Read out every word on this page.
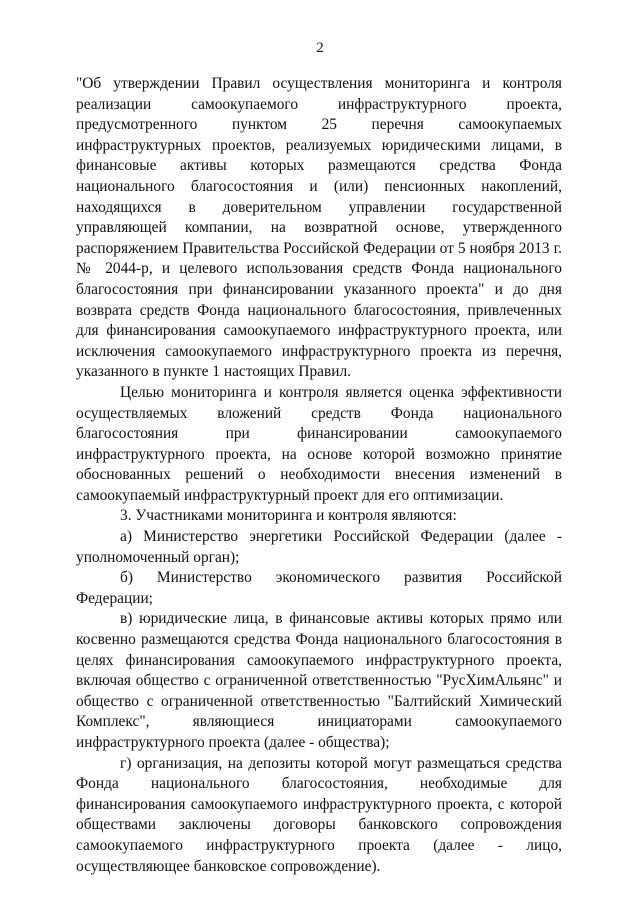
2

"Об утверждении Правил осуществления мониторинга и контроля реализации самоокупаемого инфраструктурного проекта, предусмотренного пунктом 25 перечня самоокупаемых инфраструктурных проектов, реализуемых юридическими лицами, в финансовые активы которых размещаются средства Фонда национального благосостояния и (или) пенсионных накоплений, находящихся в доверительном управлении государственной управляющей компании, на возвратной основе, утвержденного распоряжением Правительства Российской Федерации от 5 ноября 2013 г. № 2044-р, и целевого использования средств Фонда национального благосостояния при финансировании указанного проекта" и до дня возврата средств Фонда национального благосостояния, привлеченных для финансирования самоокупаемого инфраструктурного проекта, или исключения самоокупаемого инфраструктурного проекта из перечня, указанного в пункте 1 настоящих Правил.

Целью мониторинга и контроля является оценка эффективности осуществляемых вложений средств Фонда национального благосостояния при финансировании самоокупаемого инфраструктурного проекта, на основе которой возможно принятие обоснованных решений о необходимости внесения изменений в самоокупаемый инфраструктурный проект для его оптимизации.

3. Участниками мониторинга и контроля являются:

а) Министерство энергетики Российской Федерации (далее - уполномоченный орган);

б) Министерство экономического развития Российской Федерации;

в) юридические лица, в финансовые активы которых прямо или косвенно размещаются средства Фонда национального благосостояния в целях финансирования самоокупаемого инфраструктурного проекта, включая общество с ограниченной ответственностью "РусХимАльянс" и общество с ограниченной ответственностью "Балтийский Химический Комплекс", являющиеся инициаторами самоокупаемого инфраструктурного проекта (далее - общества);

г) организация, на депозиты которой могут размещаться средства Фонда национального благосостояния, необходимые для финансирования самоокупаемого инфраструктурного проекта, с которой обществами заключены договоры банковского сопровождения самоокупаемого инфраструктурного проекта (далее - лицо, осуществляющее банковское сопровождение).
